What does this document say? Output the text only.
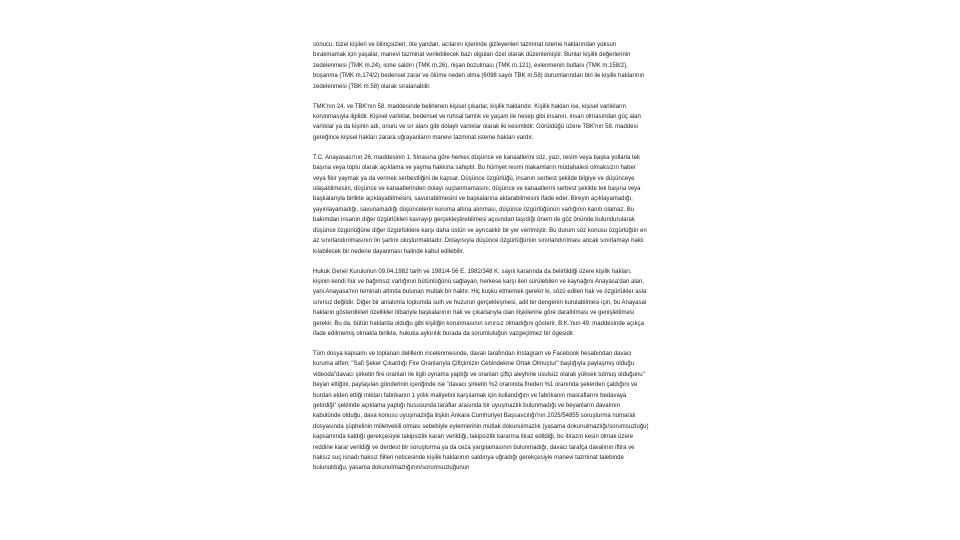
sonucu, tüzel kişileri ve bilinçsizleri; öte yandan, acılarını içlerinde gizleyenleri tazminat isteme haklarından yoksun bırakmamak için yaşalar, manevi tazminat verilebilecek bazı olguları özel olarak düzenlemiştir. Bunlar kişilik değerlerinin zedelenmesi (TMK m.24), isme saldırı (TMK m.26), nişan bozulması (TMK m.121), evlenmenin butlanı (TMK m.158/2), boşanma (TMK m.174/2) bedensel zarar ve ölüme neden olma (6098 sayılı TBK m.58) durumlarından biri ile kişilik haklarının zedelenmesi (TBK m.58) olarak sıralanabilir.

TMK'nın 24. ve TBK'nın 58. maddesinde belirlenen kişisel çıkarlar, kişilik haklarıdır. Kişilik hakları ise, kişisel varlıkların korunmasıyla ilgilidir. Kişisel varlıklar, bedensel ve ruhsal tamlık ve yaşam ile nesep gibi insanın, insan olmasından güç alan varlıklar ya da kişinin adı, onuru ve sır alanı gibi dolaylı varlıklar olarak iki kesimlidir. Görüldüğü üzere TBK'nın 58. maddesi gereğince kişisel hakları zarara uğrayanların manevi tazminat isteme hakları vardır.

T.C. Anayasası'nın 26. maddesinin 1. fıkrasına göre herkes düşünce ve kanaatlerini söz, yazı, resim veya başka yollarla tek başına veya toplu olarak açıklama ve yayma hakkına sahiptir. Bu hürriyet resmi makamların müdahalesi olmaksızın haber veya fikir yaymak ya da vermek serbestliğini de kapsar. Düşünce özgürlüğü, insanın serbest şekilde bilgiye ve düşünceye ulaşabilmesini, düşünce ve kanaatlerinden dolayı suçlanmamasını, düşünce ve kanaatlerini serbest şekilde tek başına veya başkalarıyla birlikte açıklayabilmesini, savunabilmesini ve başkalarına aktarabilmesini ifade eder. Bireyin açıklayamadığı, yayınlayamadığı, savunamadığı düşüncelerin koruma altına alınması, düşünce özgürlüğünün varlığının kanıtı olamaz. Bu bakımdan insanın diğer özgürlükleri kavrayıp gerçekleştirebilmesi açısından taşıdığı önem de göz önünde bulundurularak düşünce özgürlüğüne diğer özgürlüklere karşı daha üstün ve ayrıcalıklı bir yer verilmiştir. Bu durum söz konusu özgürlüğün en az sınırlandırılmasının ön şartını oluşturmaktadır. Dolayısıyla düşünce özgürlüğünün sınırlandırılması ancak sınırlamayı haklı kılabilecek bir nedene dayanması halinde kabul edilebilir.

Hukuk Genel Kurulunun 09.04.1982 tarih ve 1981/4-56 E. 1982/348 K. sayılı kararında da belirtildiği üzere kişilik hakları, kişinin kendi hür ve bağımsız varlığının bütünlüğünü sağlayan, herkese karşı ileri sürülebilen ve kaynağını Anayasa'dan alan, yani Anayasa'nın teminatı altında bulunan mutlak bir haktır. Hiç kuşku etmemek gerekir ki, sözü edilen hak ve özgürlükler asla sınırsız değildir. Diğer bir anlatımla toplumda sulh ve huzurun gerçekleşmesi, adil bir dengenin kurulabilmesi için, bu Anayasal hakların gösterdikleri özellikler itibariyle başkalarının hak ve çıkarlarıyla olan ilişkilerine göre daraltılması ve genişletilmesi gerekir. Bu da, bütün haklarda olduğu gibi kişiliğin korunmasının sınırsız olmadığını gösterir. B.K.'nun 49. maddesinde açıkça ifade edilmemiş olmakla birlikte, hukuka aykırılık burada da sorumluluğun vazgeçilmez bir ögesidir.

Tüm dosya kapsamı ve toplanan delillerin incelenmesinde, davalı tarafından İnstagram ve Facebook hesabından davacı kuruma atfen; "Safi Şeker Çıkardığı Fire Oranlarıyla Çiftçimizin Cebindekine Ortak Olmuştur" başlığıyla paylaşmış olduğu videoda"davacı şirketin fire oranları ile ilgili oynama yaptığı ve oranları çiftçi aleyhine usulsüz olarak yüksek tutmuş olduğunu" beyan ettiğini, paylaşılan gönderinin içeriğinde ise "davacı şirketin %2 oranında fireden %1 oranında şekerden çaldığını ve burdan elden ettiği miktarı fabrikanın 1 yıllık maliyetini karşılamak için kullandığını ve fabrikanın masraflarını bedavaya getirdiği" şeklinde açıklama yaptığı hususunda taraflar arasında bir uyuşmazlık bulunmadığı ve beyanların davalının kabulünde olduğu, dava konusu uyuşmazlığa ilişkin Ankara Cumhuriyet Başsavcılığı'nın 2025/54855 soruşturma numaralı dosyasında şüphelinin milletvekili olması sebebiyle eylemlerinin mutlak dokunulmazlık (yasama dokunulmazlığı/sorumsuzluğu) kapsamında kaldığı gerekçesiyle takipsizlik kararı verildiği, takipsizlik kararına itiraz edildiği, bu itirazın kesin olmak üzere reddine karar verildiği ve derdest bir soruşturma ya da ceza yargılamasının bulunmadığı, davacı tarafça davalının iftira ve haksız suç isnadı haksız fiilleri neticesinde kişilik haklarının saldırıya uğradığı gerekçesiyle manevi tazminat talebinde bulunulduğu, yasama dokunulmazlığının/sorumsuzluğunun
